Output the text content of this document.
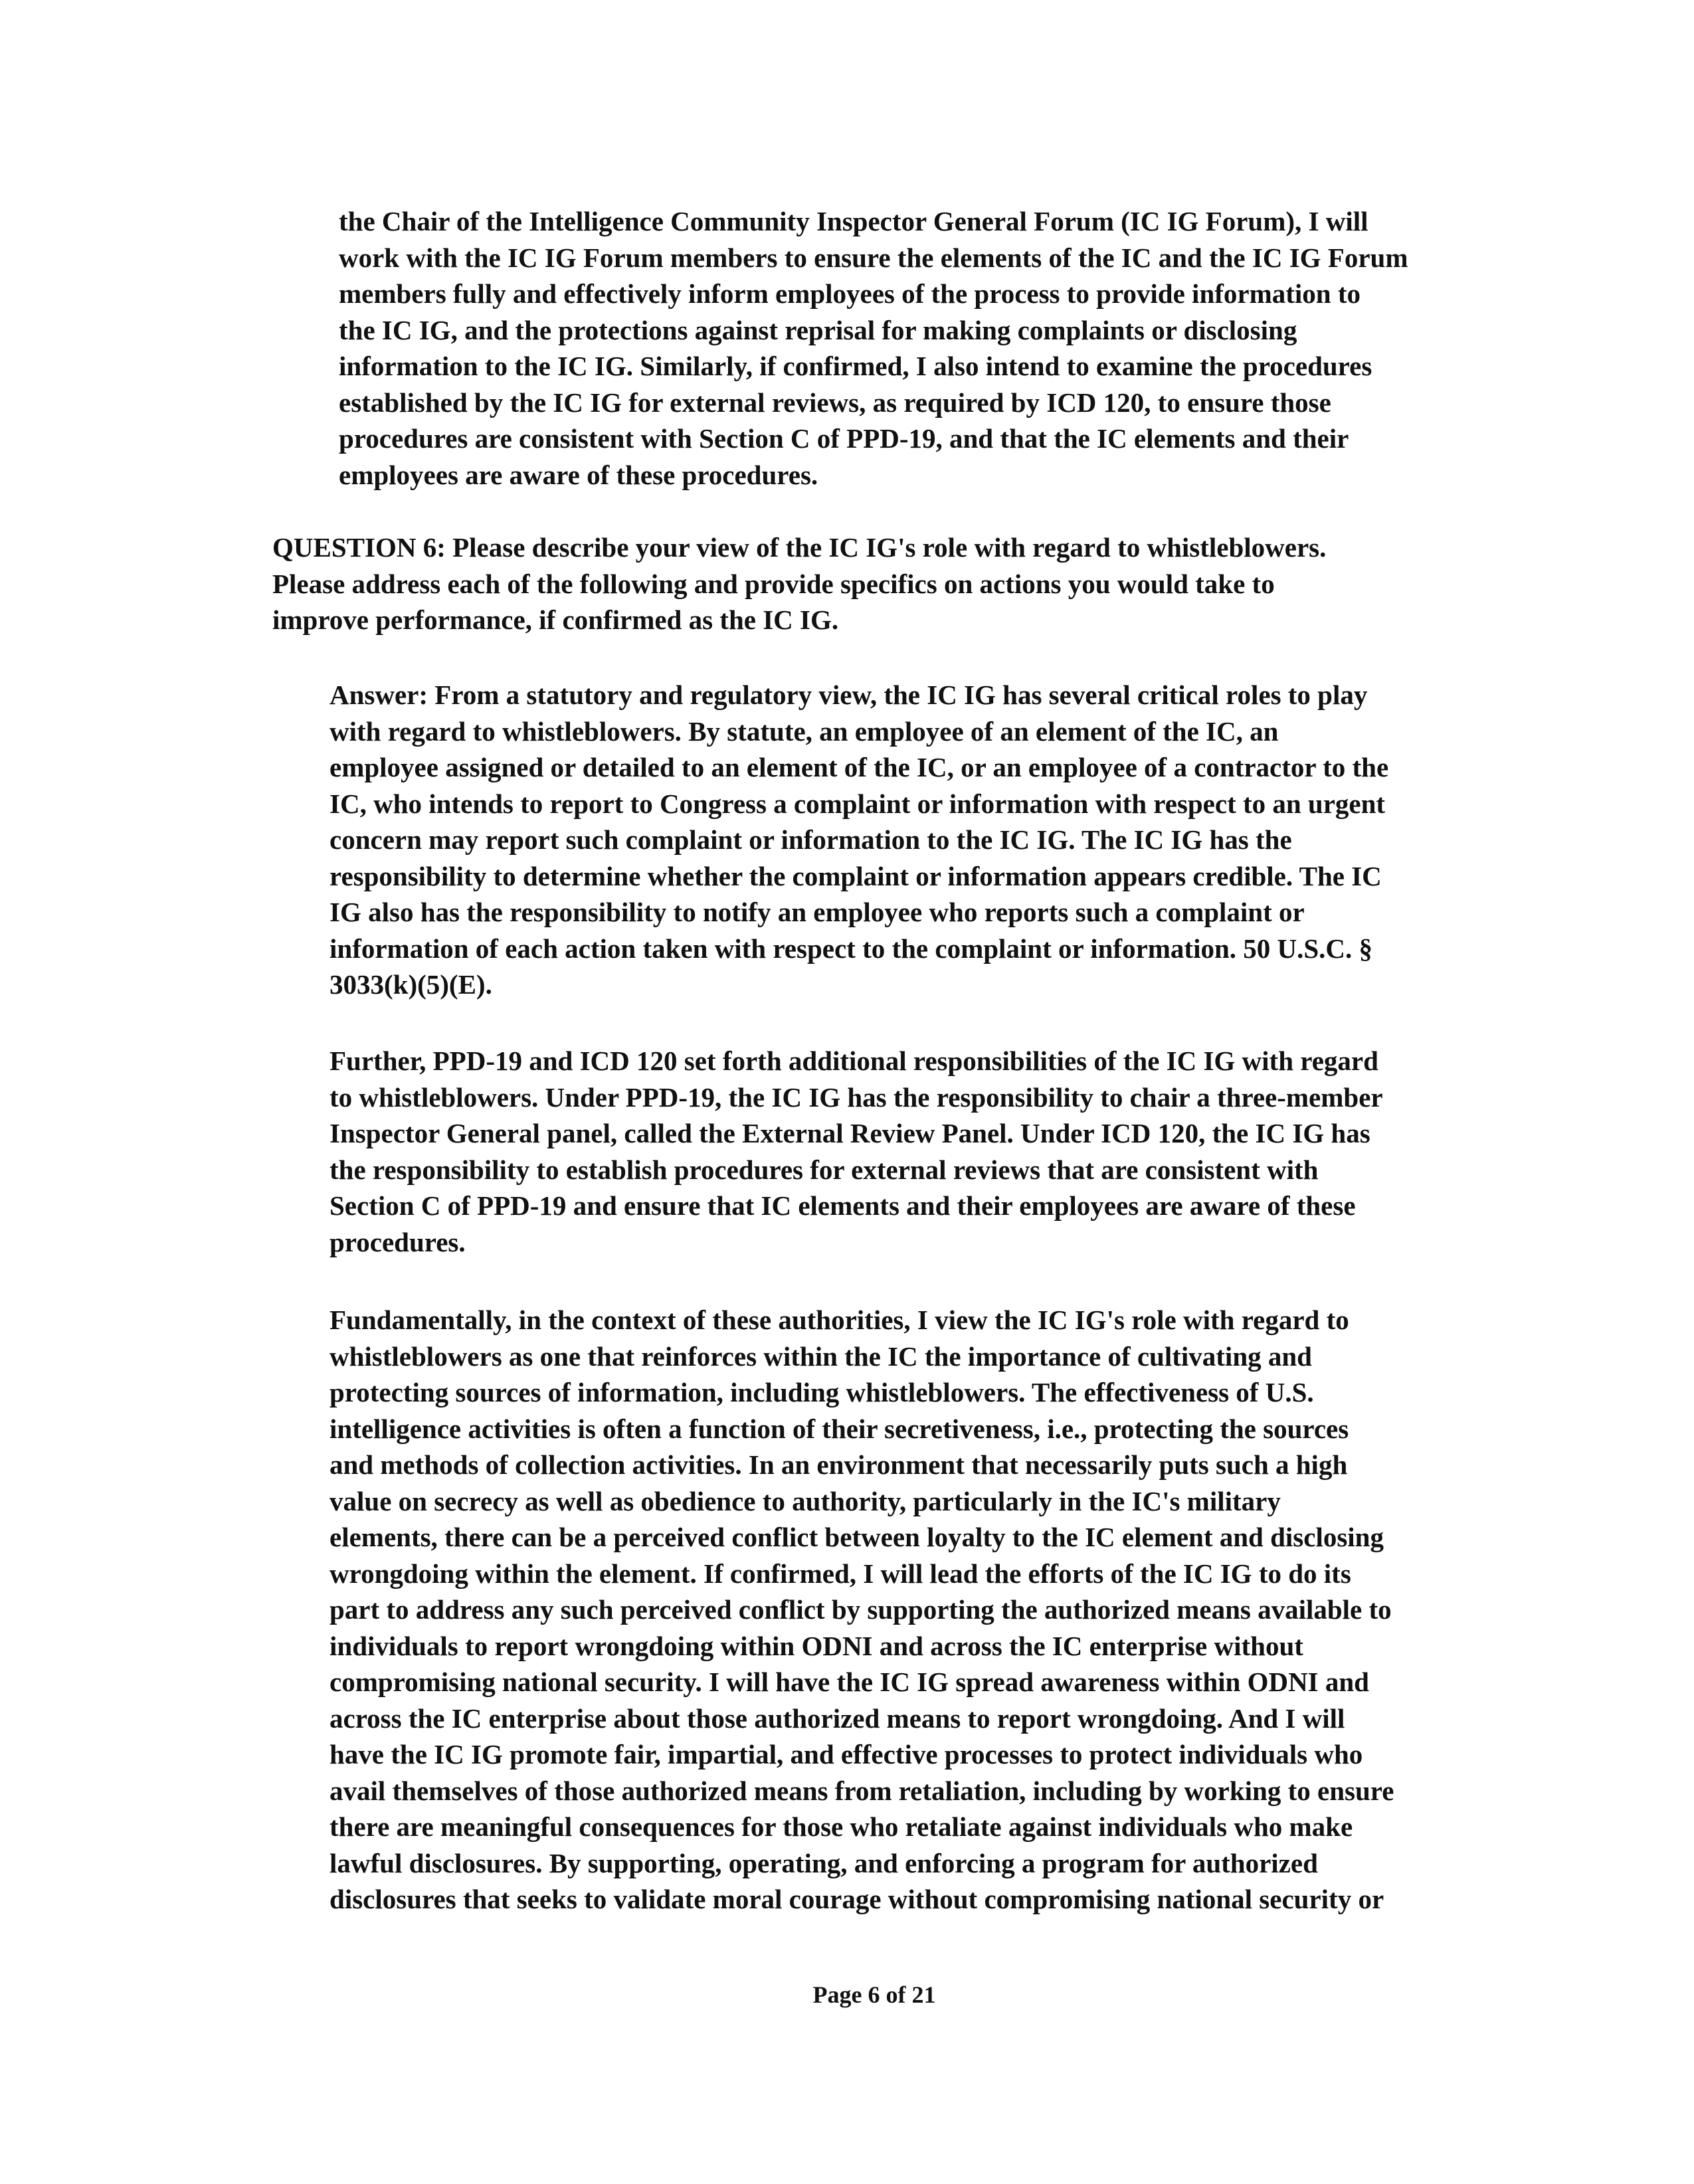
the Chair of the Intelligence Community Inspector General Forum (IC IG Forum), I will
work with the IC IG Forum members to ensure the elements of the IC and the IC IG Forum
members fully and effectively inform employees of the process to provide information to
the IC IG, and the protections against reprisal for making complaints or disclosing
information to the IC IG. Similarly, if confirmed, I also intend to examine the procedures
established by the IC IG for external reviews, as required by ICD 120, to ensure those
procedures are consistent with Section C of PPD-19, and that the IC elements and their
employees are aware of these procedures.
QUESTION 6: Please describe your view of the IC IG's role with regard to whistleblowers.
Please address each of the following and provide specifics on actions you would take to
improve performance, if confirmed as the IC IG.
Answer: From a statutory and regulatory view, the IC IG has several critical roles to play
with regard to whistleblowers. By statute, an employee of an element of the IC, an
employee assigned or detailed to an element of the IC, or an employee of a contractor to the
IC, who intends to report to Congress a complaint or information with respect to an urgent
concern may report such complaint or information to the IC IG. The IC IG has the
responsibility to determine whether the complaint or information appears credible. The IC
IG also has the responsibility to notify an employee who reports such a complaint or
information of each action taken with respect to the complaint or information. 50 U.S.C. §
3033(k)(5)(E).
Further, PPD-19 and ICD 120 set forth additional responsibilities of the IC IG with regard
to whistleblowers. Under PPD-19, the IC IG has the responsibility to chair a three-member
Inspector General panel, called the External Review Panel. Under ICD 120, the IC IG has
the responsibility to establish procedures for external reviews that are consistent with
Section C of PPD-19 and ensure that IC elements and their employees are aware of these
procedures.
Fundamentally, in the context of these authorities, I view the IC IG's role with regard to
whistleblowers as one that reinforces within the IC the importance of cultivating and
protecting sources of information, including whistleblowers. The effectiveness of U.S.
intelligence activities is often a function of their secretiveness, i.e., protecting the sources
and methods of collection activities. In an environment that necessarily puts such a high
value on secrecy as well as obedience to authority, particularly in the IC's military
elements, there can be a perceived conflict between loyalty to the IC element and disclosing
wrongdoing within the element. If confirmed, I will lead the efforts of the IC IG to do its
part to address any such perceived conflict by supporting the authorized means available to
individuals to report wrongdoing within ODNI and across the IC enterprise without
compromising national security. I will have the IC IG spread awareness within ODNI and
across the IC enterprise about those authorized means to report wrongdoing. And I will
have the IC IG promote fair, impartial, and effective processes to protect individuals who
avail themselves of those authorized means from retaliation, including by working to ensure
there are meaningful consequences for those who retaliate against individuals who make
lawful disclosures. By supporting, operating, and enforcing a program for authorized
disclosures that seeks to validate moral courage without compromising national security or
Page 6 of 21
